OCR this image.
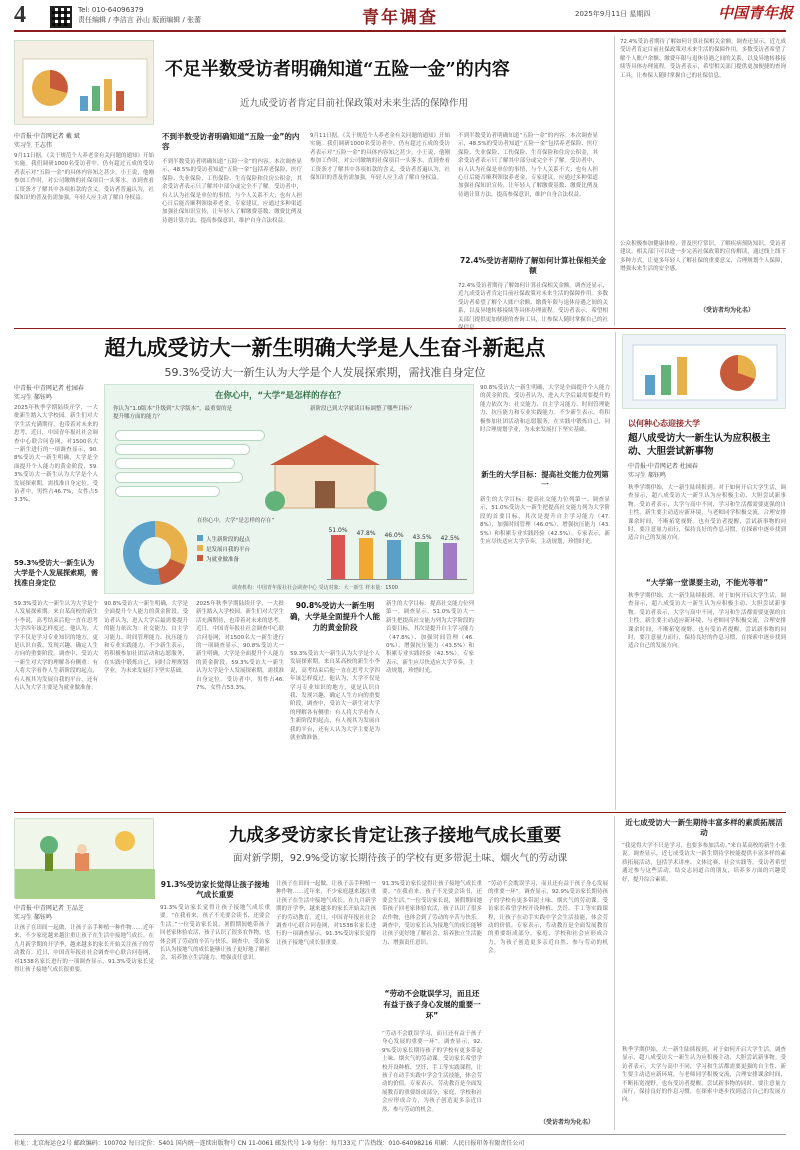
4	Tel: 010-64096379
责任编辑 / 李洁言 孙山 版面编辑 / 张蕾	青年调查	2025年9月11日 星期四	中国青年报
不足半数受访者明确知道“五险一金”的内容
近九成受访者肯定目前社保政策对未来生活的保障作用
中青报·中青网记者 戴 斌
实习生 王志伟
9月11日据，《关于规范个人养老金有关问题的通知》开始实施。我们调研1000名受访者中，仍有超过五成的受访者表示对“五险一金”的具体内容知之甚少。小王说，他刚参加工作时，对公司缴纳的社保项目一头雾水，直到查看工资条才了解其中各项扣款的含义。受访者普遍认为，社保知识的普及仍需加强，年轻人应主动了解自身权益。
不到半数受访者明确知道“五险一金”的内容
不到半数受访者明确知道“五险一金”的内容。本次调查显示，48.5%的受访者知道“五险一金”包括养老保险、医疗保险、失业保险、工伤保险、生育保险和住房公积金，其余受访者表示只了解其中部分或完全不了解。受访者中，有人认为社保是单位的事情，与个人关系不大；也有人担心日后能否顺利领取养老金。专家建议，应通过多种渠道加强社保知识宣传，让年轻人了解缴费基数、缴费比例及待遇计算方法，提高参保意识，维护自身合法权益。
9月11日据，《关于规范个人养老金有关问题的通知》开始实施。我们调研1000名受访者中，仍有超过五成的受访者表示对“五险一金”的具体内容知之甚少。小王说，他刚参加工作时，对公司缴纳的社保项目一头雾水，直到查看工资条才了解其中各项扣款的含义。受访者普遍认为，社保知识的普及仍需加强，年轻人应主动了解自身权益。
不到半数受访者明确知道“五险一金”的内容。本次调查显示，48.5%的受访者知道“五险一金”包括养老保险、医疗保险、失业保险、工伤保险、生育保险和住房公积金，其余受访者表示只了解其中部分或完全不了解。受访者中，有人认为社保是单位的事情，与个人关系不大；也有人担心日后能否顺利领取养老金。专家建议，应通过多种渠道加强社保知识宣传，让年轻人了解缴费基数、缴费比例及待遇计算方法，提高参保意识，维护自身合法权益。
72.4%受访者期待了解如何计算社保相关金额
72.4%受访者期待了解如何计算社保相关金额。调查还显示，近九成受访者肯定目前社保政策对未来生活的保障作用。多数受访者希望了解个人账户余额、缴费年限与退休待遇之间的关系，以及异地转移接续等具体办理流程。受访者表示，希望相关部门提供更加便捷的查询工具，让参保人随时掌握自己的社
72.4%受访者期待了解如何计算社保相关金额。调查还显示，近九成受访者肯定目前社保政策对未来生活的保障作用。多数受访者希望了解个人账户余额、缴费年限与退休待遇之间的关系，以及异地转移接续等具体办理流程。受访者表示，希望相关部门提供更加便捷的查询工具，让参保人随时掌握自己的社保信息。
公众积极参加健康体检，普及医疗常识，了解疾病预防知识。受访者建议，相关部门可以进一步完善社保政策的宣传解读，通过线上线下多种方式，让更多年轻人了解社保的重要意义，合理规划个人保障，增强未来生活的安全感。
（受访者均为化名）
超九成受访大一新生明确大学是人生奋斗新起点
59.3%受访大一新生认为大学是个人发展探索期，需找准自身定位
中青报·中青网记者 杜园春
实习生 郝钰鸣
2025年秋季学期陆续开学，一大批新生踏入大学校园。新生们对大学生活充满期待，也带着对未来的思考。近日，中国青年报社社会调查中心联合问卷网，对1500名大一新生进行的一项调查显示，90.8%受访大一新生明确，大学是全面提升个人能力的黄金阶段，59.3%受访大一新生认为大学是个人发展探索期，需找准自身定位。受访者中，男性占46.7%，女性占53.3%。
59.3%受访大一新生认为大学是个人发展探索期，需找准自身定位
59.3%受访大一新生认为大学是个人发展探索期。来自某高校的新生小李说，高考结束后他一直在思考大学四年该怎样度过。他认为，大学不仅是学习专业知识的地方，更是认识自我、发现兴趣、确定人生方向的重要阶段。调查中，受访大一新生对大学的理解各有侧重：有人将大学看作人生新阶段的起点，有人视其为发展自我的平台，还有人认为大学主要是为就业做准备。
在你心中，“大学”是怎样的存在？
你认为“1.0版本”升级到“大学版本”，最重要的是提升哪方面的能力？
新阶段已到大学就读目标调整了哪些目标？
在你心中，大学“是怎样的存在”
人生新阶段的起点
是发展自我的平台
为就业做准备
51.0% 47.8% 46.0% 43.5% 42.5%
调查机构：中国青年报社社会调查中心 受访对象：大一新生 样本量：1500
90.8%受访大一新生明确，大学是全面提升个人能力的黄金阶段。受访者认为，进入大学后最需要提升的能力依次为：社交能力、自主学习能力、时间管理能力、抗压能力和专业实践能力。不少新生表示，将积极参加社团活动和志愿服务，在实践中锻炼自己，同时合理规划学业，为未来发展打下坚实基础。
2025年秋季学期陆续开学，一大批新生踏入大学校园。新生们对大学生活充满期待，也带着对未来的思考。近日，中国青年报社社会调查中心联合问卷网，对1500名大一新生进行的一项调查显示，90.8%受访大一新生明确，大学是全面提升个人能力的黄金阶段，59.3%受访大一新生认为大学是个人发展探索期，需找准自身定位。受访者中，男性占46.7%，女性占53.3%。
90.8%受访大一新生明确，大学是全面提升个人能力的黄金阶段
59.3%受访大一新生认为大学是个人发展探索期。来自某高校的新生小李说，高考结束后他一直在思考大学四年该怎样度过。他认为，大学不仅是学习专业知识的地方，更是认识自我、发现兴趣、确定人生方向的重要阶段。调查中，受访大一新生对大学的理解各有侧重：有人将大学看作人生新阶段的起点，有人视其为发展自我的平台，还有人认为大学主要是为就业做准备。
新生的大学目标：提高社交能力位列第一。调查显示，51.0%受访大一新生把提高社交能力列为大学阶段的首要目标，其次是提升自主学习能力（47.8%）、加强时间管理（46.0%）、增强抗压能力（43.5%）和积累专业实践经验（42.5%）。专家表示，新生应尽快适应大学节奏，主动规划，珍惜时光。
90.8%受访大一新生明确，大学是全面提升个人能力的黄金阶段。受访者认为，进入大学后最需要提升的能力依次为：社交能力、自主学习能力、时间管理能力、抗压能力和专业实践能力。不少新生表示，将积极参加社团活动和志愿服务，在实践中锻炼自己，同时合理规划学业，为未来发展打下坚实基础。
新生的大学目标：提高社交能力位列第一
新生的大学目标：提高社交能力位列第一。调查显示，51.0%受访大一新生把提高社交能力列为大学阶段的首要目标，其次是提升自主学习能力（47.8%）、加强时间管理（46.0%）、增强抗压能力（43.5%）和积累专业实践经验（42.5%）。专家表示，新生应尽快适应大学节奏，主动规划，珍惜时光。
以何种心态迎接大学
超八成受访大一新生认为应积极主动、大胆尝试新事物
中青报·中青网记者 杜园春
实习生 郝钰鸣
秋季学期伊始，大一新生陆续报到。对于如何开启大学生活，调查显示，超八成受访大一新生认为应积极主动、大胆尝试新事物。受访者表示，大学与高中不同，学习和生活都需要更强的自主性，新生要主动适应新环境，与老师同学积极交流，合理安排课余时间，不断拓宽视野。也有受访者提醒，尝试新事物的同时，要注意量力而行，保持良好的作息习惯，在探索中逐步找到适合自己的发展方向。
“大学第一堂课要主动，不能光等着”
秋季学期伊始，大一新生陆续报到。对于如何开启大学生活，调查显示，超八成受访大一新生认为应积极主动、大胆尝试新事物。受访者表示，大学与高中不同，学习和生活都需要更强的自主性，新生要主动适应新环境，与老师同学积极交流，合理安排课余时间，不断拓宽视野。也有受访者提醒，尝试新事物的同时，要注意量力而行，保持良好的作息习惯，在探索中逐步找到适合自己的发展方向。
九成多受访家长肯定让孩子接地气成长重要
面对新学期，92.9%受访家长期待孩子的学校有更多带泥土味、烟火气的劳动课
中青报·中青网记者 王品芝
实习生 郝钰鸣
让孩子在田间一起做，让孩子亲手种植一种作物……近年来，不少家庭越来越注重让孩子在生活中接地气成长。在九月新学期的开学季，越来越多的家长开始关注孩子的劳动教育。近日，中国青年报社社会调查中心联合问卷网，对1538名家长进行的一项调查显示，91.3%受访家长觉得让孩子接地气成长很重要。
91.3%受访家长觉得让孩子接地气成长重要
91.3%受访家长觉得让孩子接地气成长重要。“在我看来，孩子不光要会读书，还要会生活。”一位受访家长说，暑假期间她带孩子回老家体验农活，孩子认识了很多农作物，也体会到了劳动的辛苦与快乐。调查中，受访家长认为接地气的成长能够让孩子更好地了解社会、培养独立生活能力、增强责任意识。
让孩子在田间一起做，让孩子亲手种植一种作物……近年来，不少家庭越来越注重让孩子在生活中接地气成长。在九月新学期的开学季，越来越多的家长开始关注孩子的劳动教育。近日，中国青年报社社会调查中心联合问卷网，对1538名家长进行的一项调查显示，91.3%受访家长觉得让孩子接地气成长很重要。
91.3%受访家长觉得让孩子接地气成长重要。“在我看来，孩子不光要会读书，还要会生活。”一位受访家长说，暑假期间她带孩子回老家体验农活，孩子认识了很多农作物，也体会到了劳动的辛苦与快乐。调查中，受访家长认为接地气的成长能够让孩子更好地了解社会、培养独立生活能力、增强责任意识。
“劳动不会耽误学习，而且还有益于孩子身心发展的重要一环”
“劳动不会耽误学习，而且还有益于孩子身心发展的重要一环”。调查显示，92.9%受访家长期待孩子的学校有更多带泥土味、烟火气的劳动课。受访家长希望学校开设种植、烹饪、手工等实践课程，让孩子在动手实践中学会生活技能，体会劳动的价值。专家表示，劳动教育是全面发展教育的重要组成部分，家庭、学校和社会应形成合力，为孩子创造更多亲近自然、参与劳动的机会。
“劳动不会耽误学习，而且还有益于孩子身心发展的重要一环”。调查显示，92.9%受访家长期待孩子的学校有更多带泥土味、烟火气的劳动课。受访家长希望学校开设种植、烹饪、手工等实践课程，让孩子在动手实践中学会生活技能，体会劳动的价值。专家表示，劳动教育是全面发展教育的重要组成部分，家庭、学校和社会应形成合力，为孩子创造更多亲近自然、参与劳动的机会。
（受访者均为化名）
近七成受访大一新生期待丰富多样的素质拓展活动
“我觉得大学不只是学习，也要多参加活动。”来自某高校的新生小张说。调查显示，近七成受访大一新生期待学校能提供丰富多样的素质拓展活动，包括学术讲座、文体比赛、社会实践等。受访者希望通过参与这些活动，结交志同道合的朋友，培养多方面的兴趣爱好，提升综合素质。
秋季学期伊始，大一新生陆续报到。对于如何开启大学生活，调查显示，超八成受访大一新生认为应积极主动、大胆尝试新事物。受访者表示，大学与高中不同，学习和生活都需要更强的自主性，新生要主动适应新环境，与老师同学积极交流，合理安排课余时间，不断拓宽视野。也有受访者提醒，尝试新事物的同时，要注意量力而行，保持良好的作息习惯，在探索中逐步找到适合自己的发展方向。
社址：北京海运仓2号 邮政编码：100702 每日定价：5401 国内统一连续出版物号 CN 11-0061 邮发代号 1-9 每份：每月33元 广告热线：010-64098216 印刷：人民日报印务有限责任公司
